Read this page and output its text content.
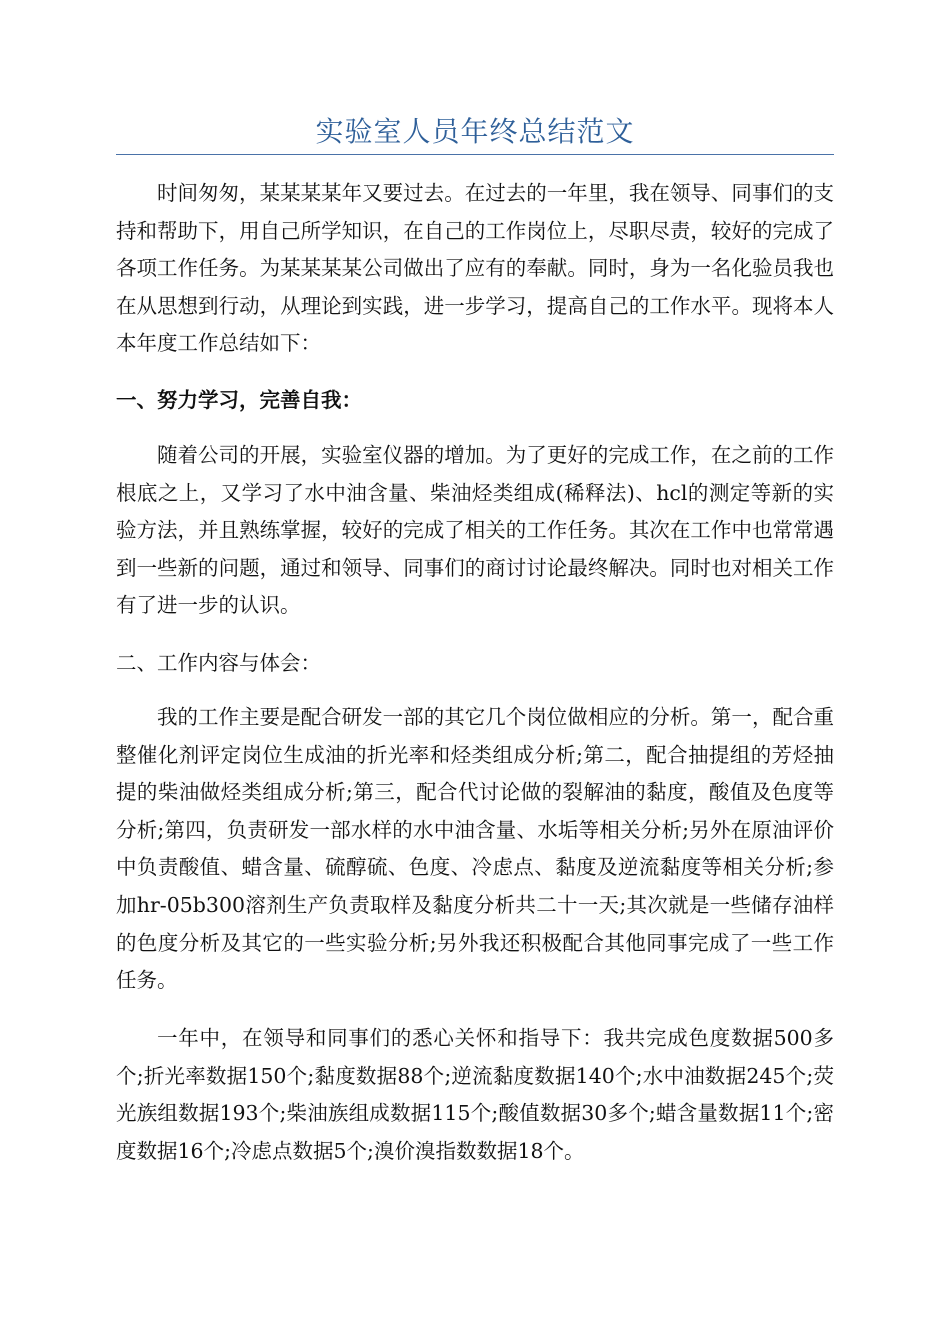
实验室人员年终总结范文

时间匆匆，某某某某年又要过去。在过去的一年里，我在领导、同事们的支持和帮助下，用自己所学知识，在自己的工作岗位上，尽职尽责，较好的完成了各项工作任务。为某某某某公司做出了应有的奉献。同时，身为一名化验员我也在从思想到行动，从理论到实践，进一步学习，提高自己的工作水平。现将本人本年度工作总结如下：

一、努力学习，完善自我：

随着公司的开展，实验室仪器的增加。为了更好的完成工作，在之前的工作根底之上，又学习了水中油含量、柴油烃类组成(稀释法)、hcl的测定等新的实验方法，并且熟练掌握，较好的完成了相关的工作任务。其次在工作中也常常遇到一些新的问题，通过和领导、同事们的商讨讨论最终解决。同时也对相关工作有了进一步的认识。

二、工作内容与体会：

我的工作主要是配合研发一部的其它几个岗位做相应的分析。第一，配合重整催化剂评定岗位生成油的折光率和烃类组成分析;第二，配合抽提组的芳烃抽提的柴油做烃类组成分析;第三，配合代讨论做的裂解油的黏度，酸值及色度等分析;第四，负责研发一部水样的水中油含量、水垢等相关分析;另外在原油评价中负责酸值、蜡含量、硫醇硫、色度、冷虑点、黏度及逆流黏度等相关分析;参加hr-05b300溶剂生产负责取样及黏度分析共二十一天;其次就是一些储存油样的色度分析及其它的一些实验分析;另外我还积极配合其他同事完成了一些工作任务。

一年中，在领导和同事们的悉心关怀和指导下：我共完成色度数据500多个;折光率数据150个;黏度数据88个;逆流黏度数据140个;水中油数据245个;荧光族组数据193个;柴油族组成数据115个;酸值数据30多个;蜡含量数据11个;密度数据16个;冷虑点数据5个;溴价溴指数数据18个。
